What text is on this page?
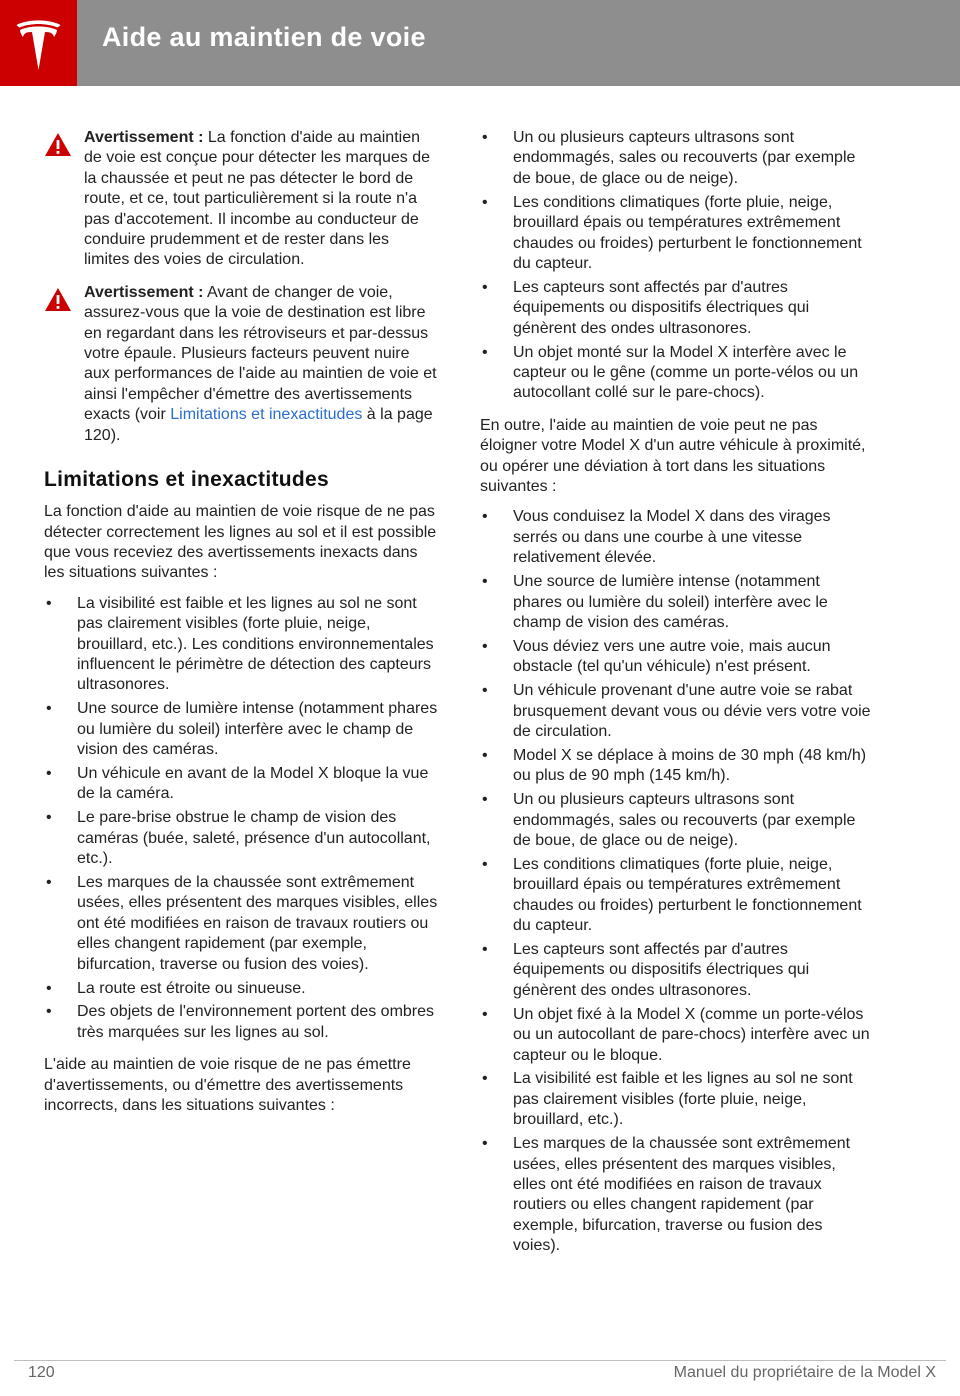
Aide au maintien de voie
Avertissement : La fonction d'aide au maintien de voie est conçue pour détecter les marques de la chaussée et peut ne pas détecter le bord de route, et ce, tout particulièrement si la route n'a pas d'accotement. Il incombe au conducteur de conduire prudemment et de rester dans les limites des voies de circulation.
Avertissement : Avant de changer de voie, assurez-vous que la voie de destination est libre en regardant dans les rétroviseurs et par-dessus votre épaule. Plusieurs facteurs peuvent nuire aux performances de l'aide au maintien de voie et ainsi l'empêcher d'émettre des avertissements exacts (voir Limitations et inexactitudes à la page 120).
Limitations et inexactitudes

La fonction d'aide au maintien de voie risque de ne pas détecter correctement les lignes au sol et il est possible que vous receviez des avertissements inexacts dans les situations suivantes :

• La visibilité est faible et les lignes au sol ne sont pas clairement visibles (forte pluie, neige, brouillard, etc.). Les conditions environnementales influencent le périmètre de détection des capteurs ultrasonores.
• Une source de lumière intense (notamment phares ou lumière du soleil) interfère avec le champ de vision des caméras.
• Un véhicule en avant de la Model X bloque la vue de la caméra.
• Le pare-brise obstrue le champ de vision des caméras (buée, saleté, présence d'un autocollant, etc.).
• Les marques de la chaussée sont extrêmement usées, elles présentent des marques visibles, elles ont été modifiées en raison de travaux routiers ou elles changent rapidement (par exemple, bifurcation, traverse ou fusion des voies).
• La route est étroite ou sinueuse.
• Des objets de l'environnement portent des ombres très marquées sur les lignes au sol.

L'aide au maintien de voie risque de ne pas émettre d'avertissements, ou d'émettre des avertissements incorrects, dans les situations suivantes :

• Un ou plusieurs capteurs ultrasons sont endommagés, sales ou recouverts (par exemple de boue, de glace ou de neige).
• Les conditions climatiques (forte pluie, neige, brouillard épais ou températures extrêmement chaudes ou froides) perturbent le fonctionnement du capteur.
• Les capteurs sont affectés par d'autres équipements ou dispositifs électriques qui génèrent des ondes ultrasonores.
• Un objet monté sur la Model X interfère avec le capteur ou le gêne (comme un porte-vélos ou un autocollant collé sur le pare-chocs).

En outre, l'aide au maintien de voie peut ne pas éloigner votre Model X d'un autre véhicule à proximité, ou opérer une déviation à tort dans les situations suivantes :

• Vous conduisez la Model X dans des virages serrés ou dans une courbe à une vitesse relativement élevée.
• Une source de lumière intense (notamment phares ou lumière du soleil) interfère avec le champ de vision des caméras.
• Vous déviez vers une autre voie, mais aucun obstacle (tel qu'un véhicule) n'est présent.
• Un véhicule provenant d'une autre voie se rabat brusquement devant vous ou dévie vers votre voie de circulation.
• Model X se déplace à moins de 30 mph (48 km/h) ou plus de 90 mph (145 km/h).
• Un ou plusieurs capteurs ultrasons sont endommagés, sales ou recouverts (par exemple de boue, de glace ou de neige).
• Les conditions climatiques (forte pluie, neige, brouillard épais ou températures extrêmement chaudes ou froides) perturbent le fonctionnement du capteur.
• Les capteurs sont affectés par d'autres équipements ou dispositifs électriques qui génèrent des ondes ultrasonores.
• Un objet fixé à la Model X (comme un porte-vélos ou un autocollant de pare-chocs) interfère avec un capteur ou le bloque.
• La visibilité est faible et les lignes au sol ne sont pas clairement visibles (forte pluie, neige, brouillard, etc.).
• Les marques de la chaussée sont extrêmement usées, elles présentent des marques visibles, elles ont été modifiées en raison de travaux routiers ou elles changent rapidement (par exemple, bifurcation, traverse ou fusion des voies).
120	Manuel du propriétaire de la Model X
